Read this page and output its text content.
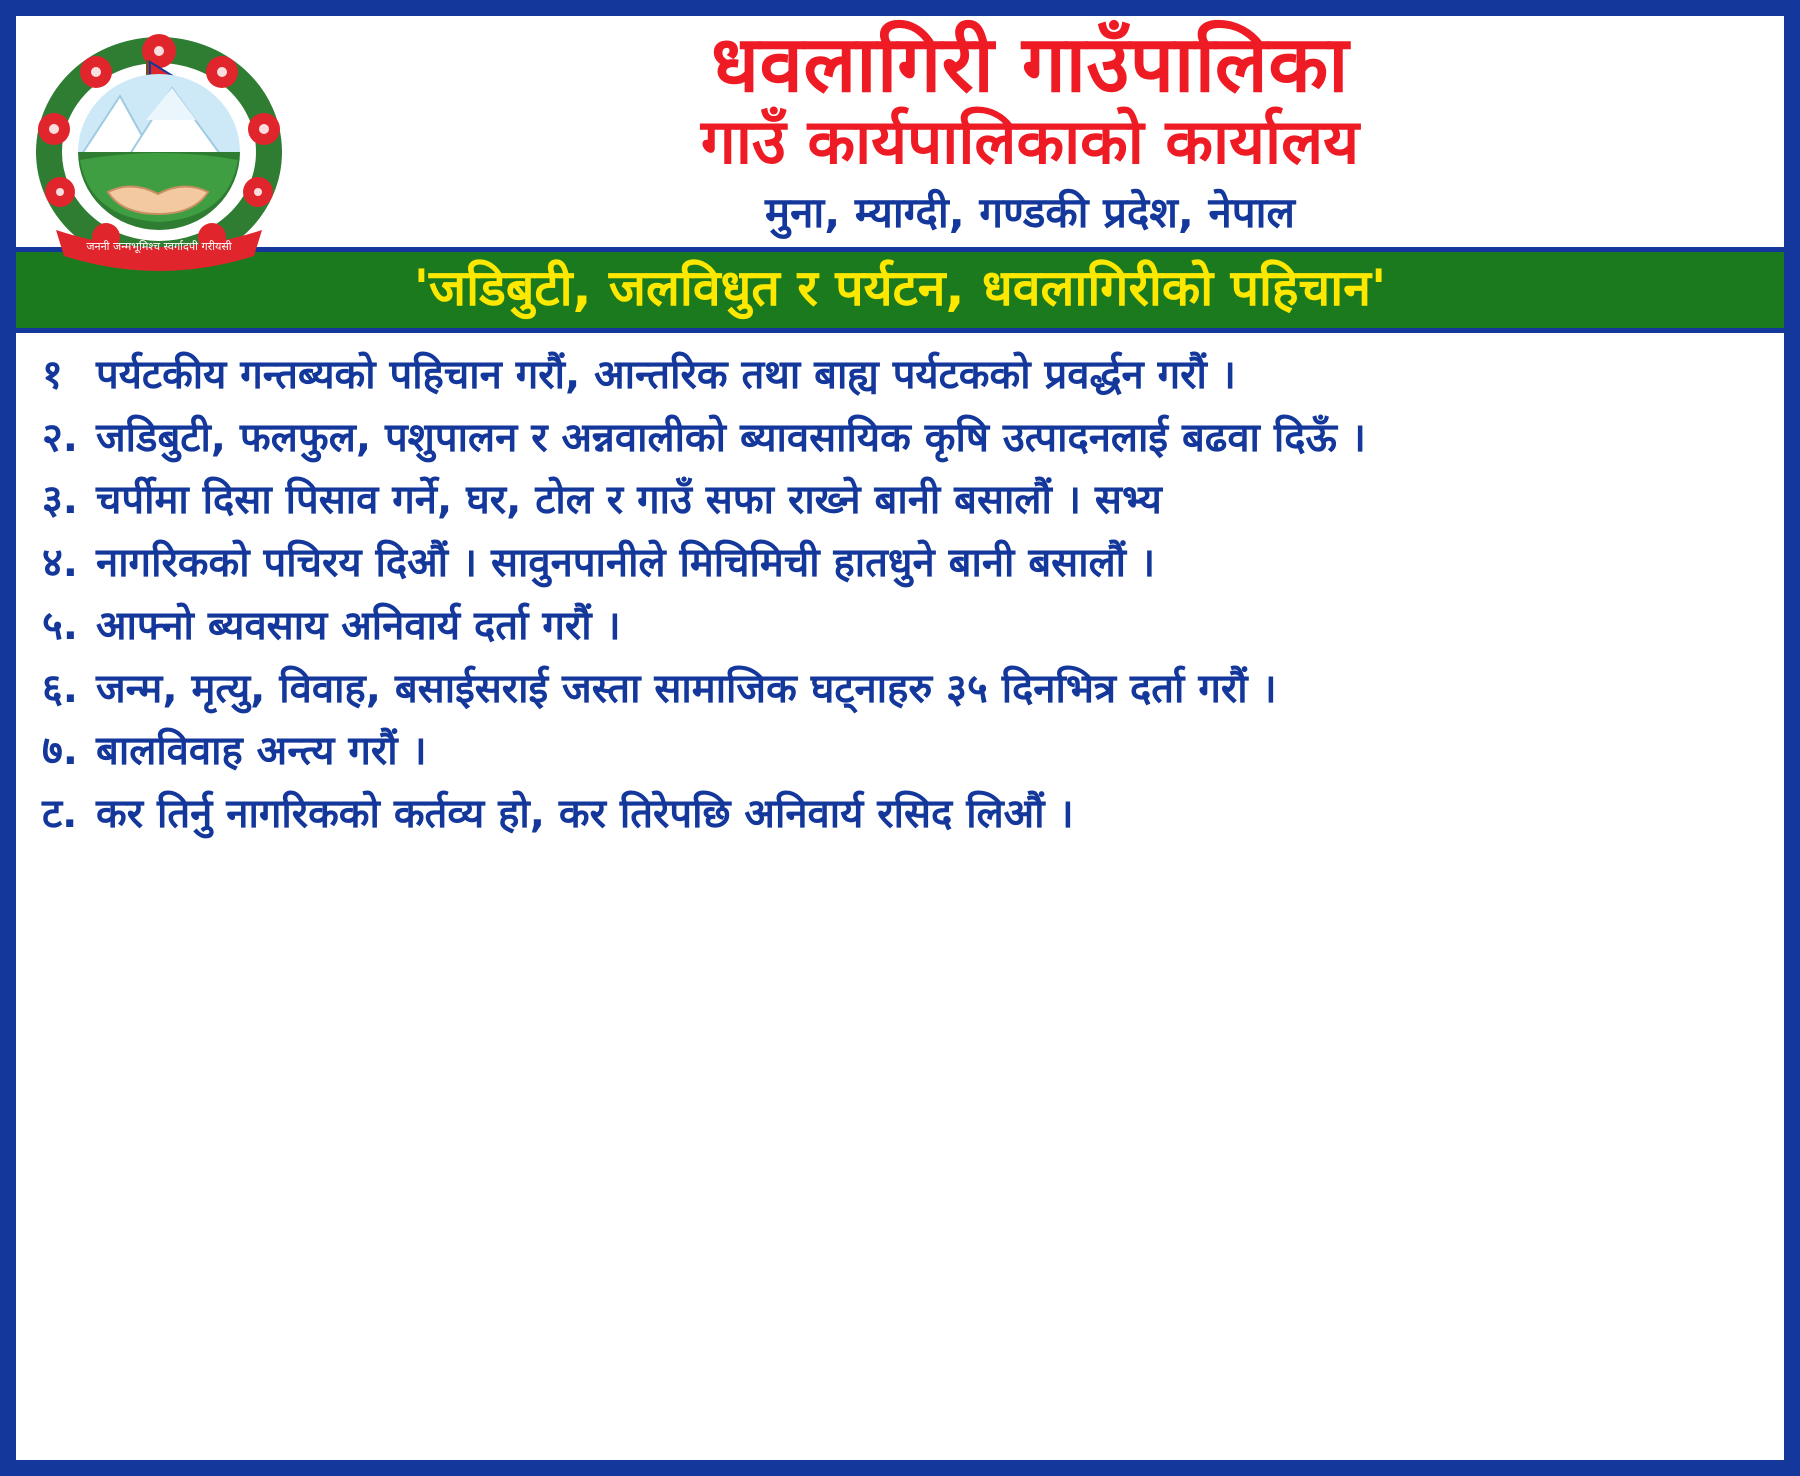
जननी जन्मभूमिश्च स्वर्गादपी गरीयसी
धवलागिरी गाउँपालिका
गाउँ कार्यपालिकाको कार्यालय
मुना, म्याग्दी, गण्डकी प्रदेश, नेपाल
'जडिबुटी, जलविधुत र पर्यटन, धवलागिरीको पहिचान'
१ पर्यटकीय गन्तब्यको पहिचान गरौं, आन्तरिक तथा बाह्य पर्यटकको प्रवर्द्धन गरौं ।
२. जडिबुटी, फलफुल, पशुपालन र अन्नवालीको ब्यावसायिक कृषि उत्पादनलाई बढवा दिऊँ ।
३. चर्पीमा दिसा पिसाव गर्ने, घर, टोल र गाउँ सफा राख्ने बानी बसालौं । सभ्य
४. नागरिकको पचिरय दिऔं । सावुनपानीले मिचिमिची हातधुने बानी बसालौं ।
५. आफ्नो ब्यवसाय अनिवार्य दर्ता गरौं ।
६. जन्म, मृत्यु, विवाह, बसाईसराई जस्ता सामाजिक घट्नाहरु ३५ दिनभित्र दर्ता गरौं ।
७. बालविवाह अन्त्य गरौं ।
ट. कर तिर्नु नागरिकको कर्तव्य हो, कर तिरेपछि अनिवार्य रसिद लिऔं ।
